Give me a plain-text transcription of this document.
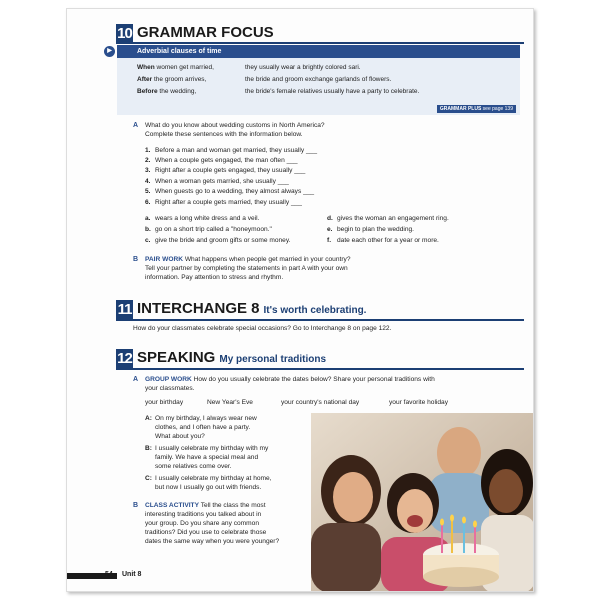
10 GRAMMAR FOCUS
▶	Adverbial clauses of time
When women get married,	they usually wear a brightly colored sari.
After the groom arrives,	the bride and groom exchange garlands of flowers.
Before the wedding,	the bride's female relatives usually have a party to celebrate.
GRAMMAR PLUS see page 139
A What do you know about wedding customs in North America?
Complete these sentences with the information below.
1. Before a man and woman get married, they usually ___
2. When a couple gets engaged, the man often ___
3. Right after a couple gets engaged, they usually ___
4. When a woman gets married, she usually ___
5. When guests go to a wedding, they almost always ___
6. Right after a couple gets married, they usually ___
a. wears a long white dress and a veil.
b. go on a short trip called a "honeymoon."
c. give the bride and groom gifts or some money.
d. gives the woman an engagement ring.
e. begin to plan the wedding.
f. date each other for a year or more.
B PAIR WORK What happens when people get married in your country?
Tell your partner by completing the statements in part A with your own
information. Pay attention to stress and rhythm.
11 INTERCHANGE 8 It's worth celebrating.
How do your classmates celebrate special occasions? Go to Interchange 8 on page 122.
12 SPEAKING My personal traditions
A GROUP WORK How do you usually celebrate the dates below? Share your personal traditions with
your classmates.
your birthday	New Year's Eve	your country's national day	your favorite holiday
A: On my birthday, I always wear new
clothes, and I often have a party.
What about you?
B: I usually celebrate my birthday with my
family. We have a special meal and
some relatives come over.
C: I usually celebrate my birthday at home,
but now I usually go out with friends.
B CLASS ACTIVITY Tell the class the most
interesting traditions you talked about in
your group. Do you share any common
traditions? Did you use to celebrate those
dates the same way when you were younger?
54 Unit 8
